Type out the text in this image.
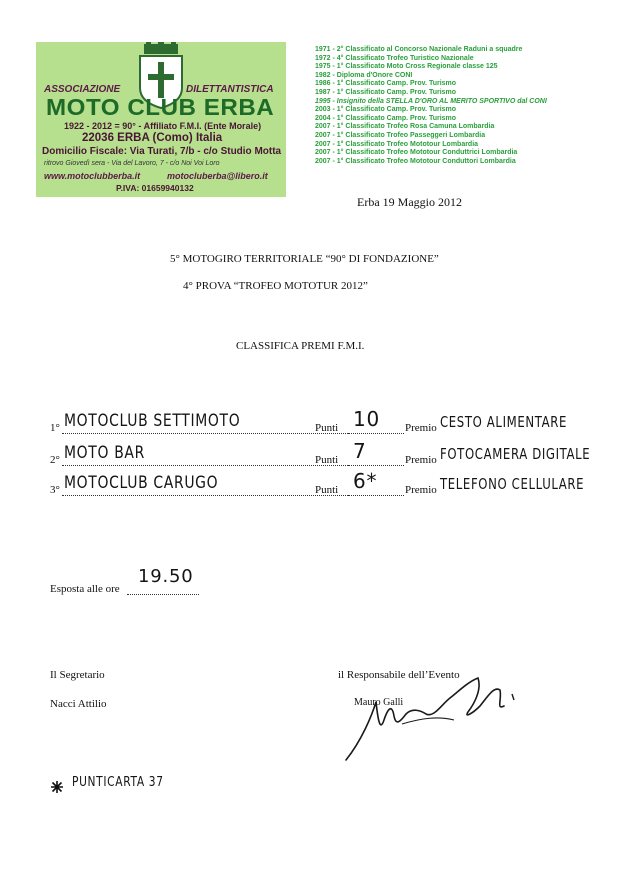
ASSOCIAZIONE	DILETTANTISTICA
MOTO CLUB ERBA
1922 - 2012 = 90° - Affiliato F.M.I. (Ente Morale)
22036 ERBA (Como) Italia
Domicilio Fiscale: Via Turati, 7/b - c/o Studio Motta
ritrovo Giovedì sera - Via del Lavoro, 7 - c/o Noi Voi Loro
www.motoclubberba.it	motocluberba@libero.it
P.IVA: 01659940132
1971 - 2° Classificato al Concorso Nazionale Raduni a squadre
1972 - 4° Classificato Trofeo Turistico Nazionale
1975 - 1° Classificato Moto Cross Regionale classe 125
1982 - Diploma d'Onore CONI
1986 - 1° Classificato Camp. Prov. Turismo
1987 - 1° Classificato Camp. Prov. Turismo
1995 - Insignito della STELLA D'ORO AL MERITO SPORTIVO dal CONI
2003 - 1° Classificato Camp. Prov. Turismo
2004 - 1° Classificato Camp. Prov. Turismo
2007 - 1° Classificato Trofeo Rosa Camuna Lombardia
2007 - 1° Classificato Trofeo Passeggeri Lombardia
2007 - 1° Classificato Trofeo Mototour Lombardia
2007 - 1° Classificato Trofeo Mototour Conduttrici Lombardia
2007 - 1° Classificato Trofeo Mototour Conduttori Lombardia
Erba 19 Maggio 2012
5° MOTOGIRO TERRITORIALE “90° DI FONDAZIONE”
4° PROVA “TROFEO MOTOTUR 2012”
CLASSIFICA PREMI F.M.I.
1° MOTOCLUB SETTIMOTO	Punti 10 Premio CESTO ALIMENTARE
2° MOTO BAR	Punti 7	Premio FOTOCAMERA DIGITALE
3° MOTOCLUB CARUGO	Punti 6*	Premio TELEFONO CELLULARE
Esposta alle ore
19.50
Il Segretario
Nacci Attilio
il Responsabile dell’Evento
Mauro Galli
PUNTICARTA 37
